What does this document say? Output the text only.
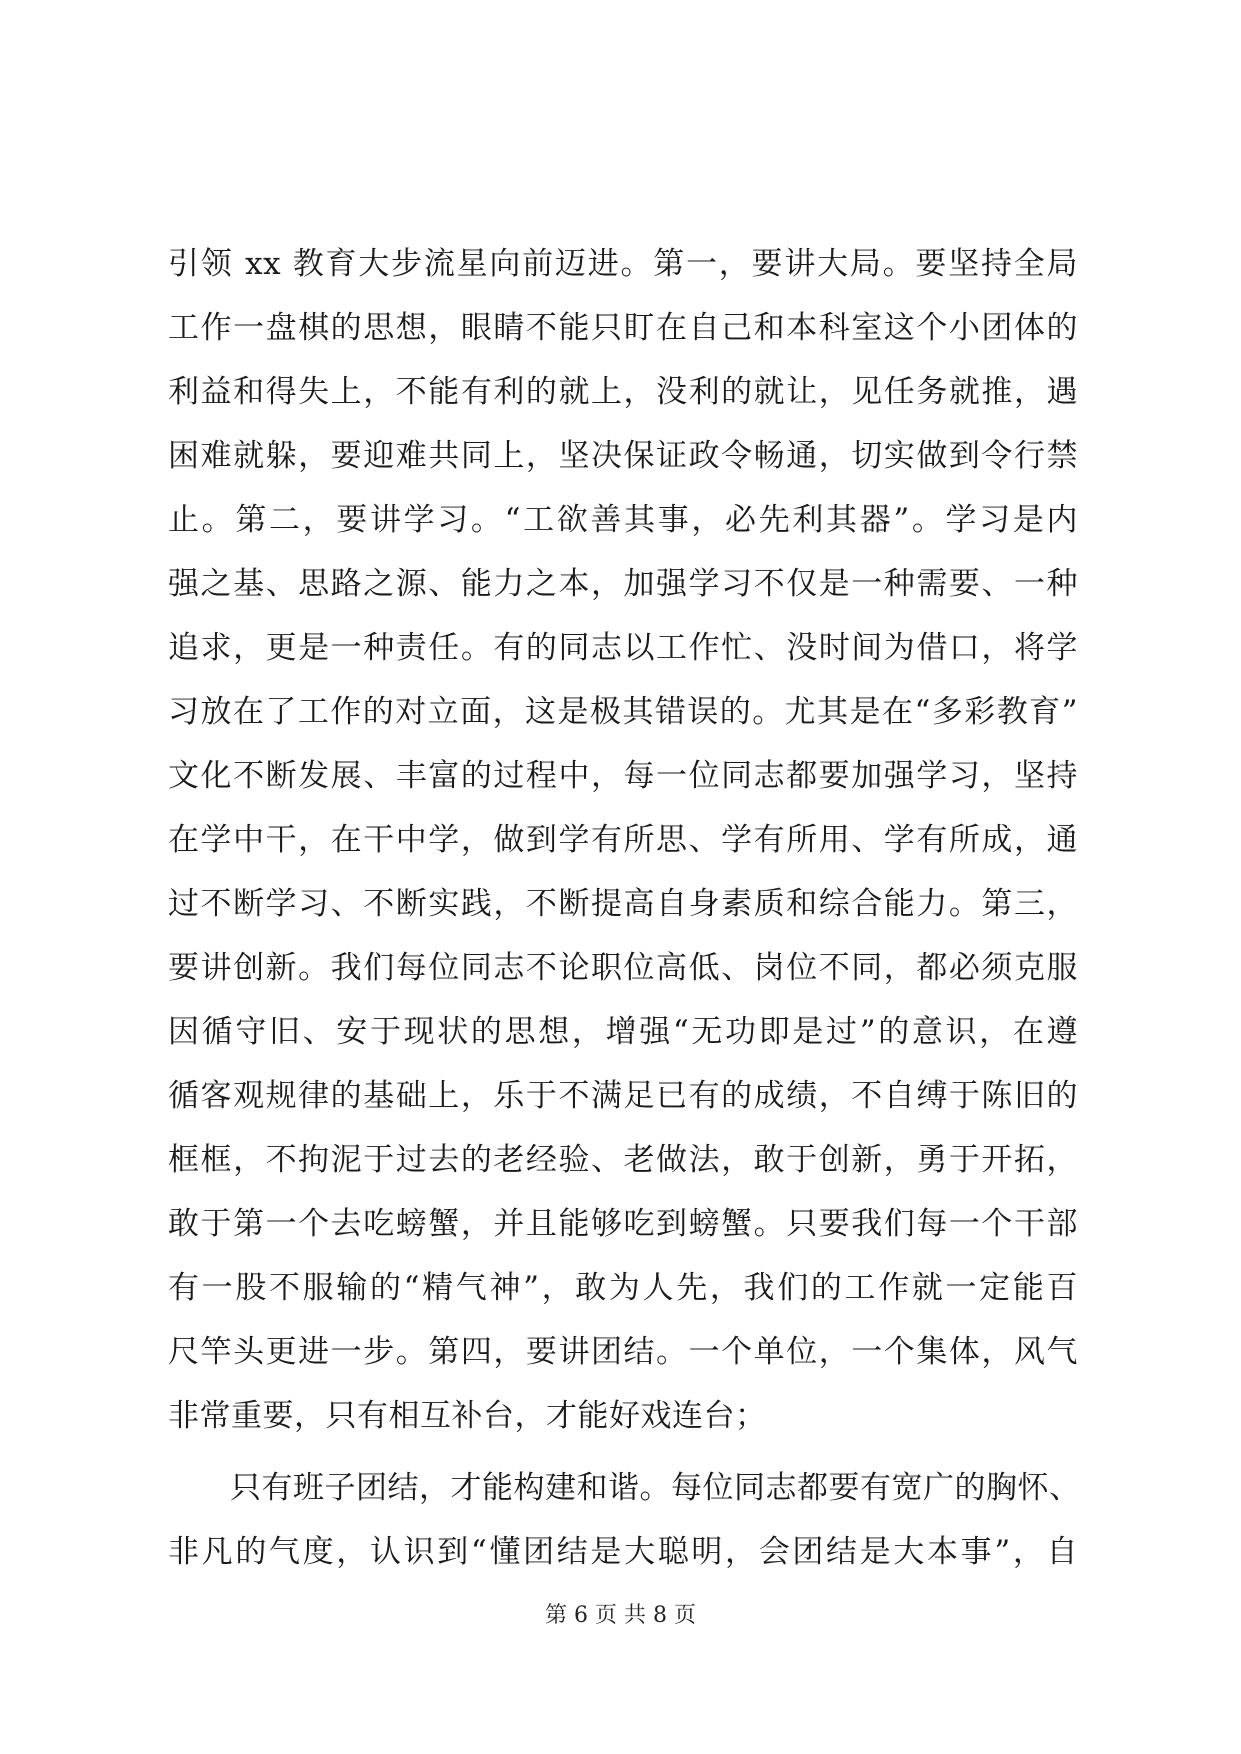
引领 xx 教育大步流星向前迈进。第一，要讲大局。要坚持全局
工作一盘棋的思想，眼睛不能只盯在自己和本科室这个小团体的
利益和得失上，不能有利的就上，没利的就让，见任务就推，遇
困难就躲，要迎难共同上，坚决保证政令畅通，切实做到令行禁
止。第二，要讲学习。“工欲善其事，必先利其器”。学习是内
强之基、思路之源、能力之本，加强学习不仅是一种需要、一种
追求，更是一种责任。有的同志以工作忙、没时间为借口，将学
习放在了工作的对立面，这是极其错误的。尤其是在“多彩教育”
文化不断发展、丰富的过程中，每一位同志都要加强学习，坚持
在学中干，在干中学，做到学有所思、学有所用、学有所成，通
过不断学习、不断实践，不断提高自身素质和综合能力。第三，
要讲创新。我们每位同志不论职位高低、岗位不同，都必须克服
因循守旧、安于现状的思想，增强“无功即是过”的意识，在遵
循客观规律的基础上，乐于不满足已有的成绩，不自缚于陈旧的
框框，不拘泥于过去的老经验、老做法，敢于创新，勇于开拓，
敢于第一个去吃螃蟹，并且能够吃到螃蟹。只要我们每一个干部
有一股不服输的“精气神”，敢为人先，我们的工作就一定能百
尺竿头更进一步。第四，要讲团结。一个单位，一个集体，风气
非常重要，只有相互补台，才能好戏连台；
只有班子团结，才能构建和谐。每位同志都要有宽广的胸怀、
非凡的气度，认识到“懂团结是大聪明，会团结是大本事”，自
第 6 页 共 8 页
